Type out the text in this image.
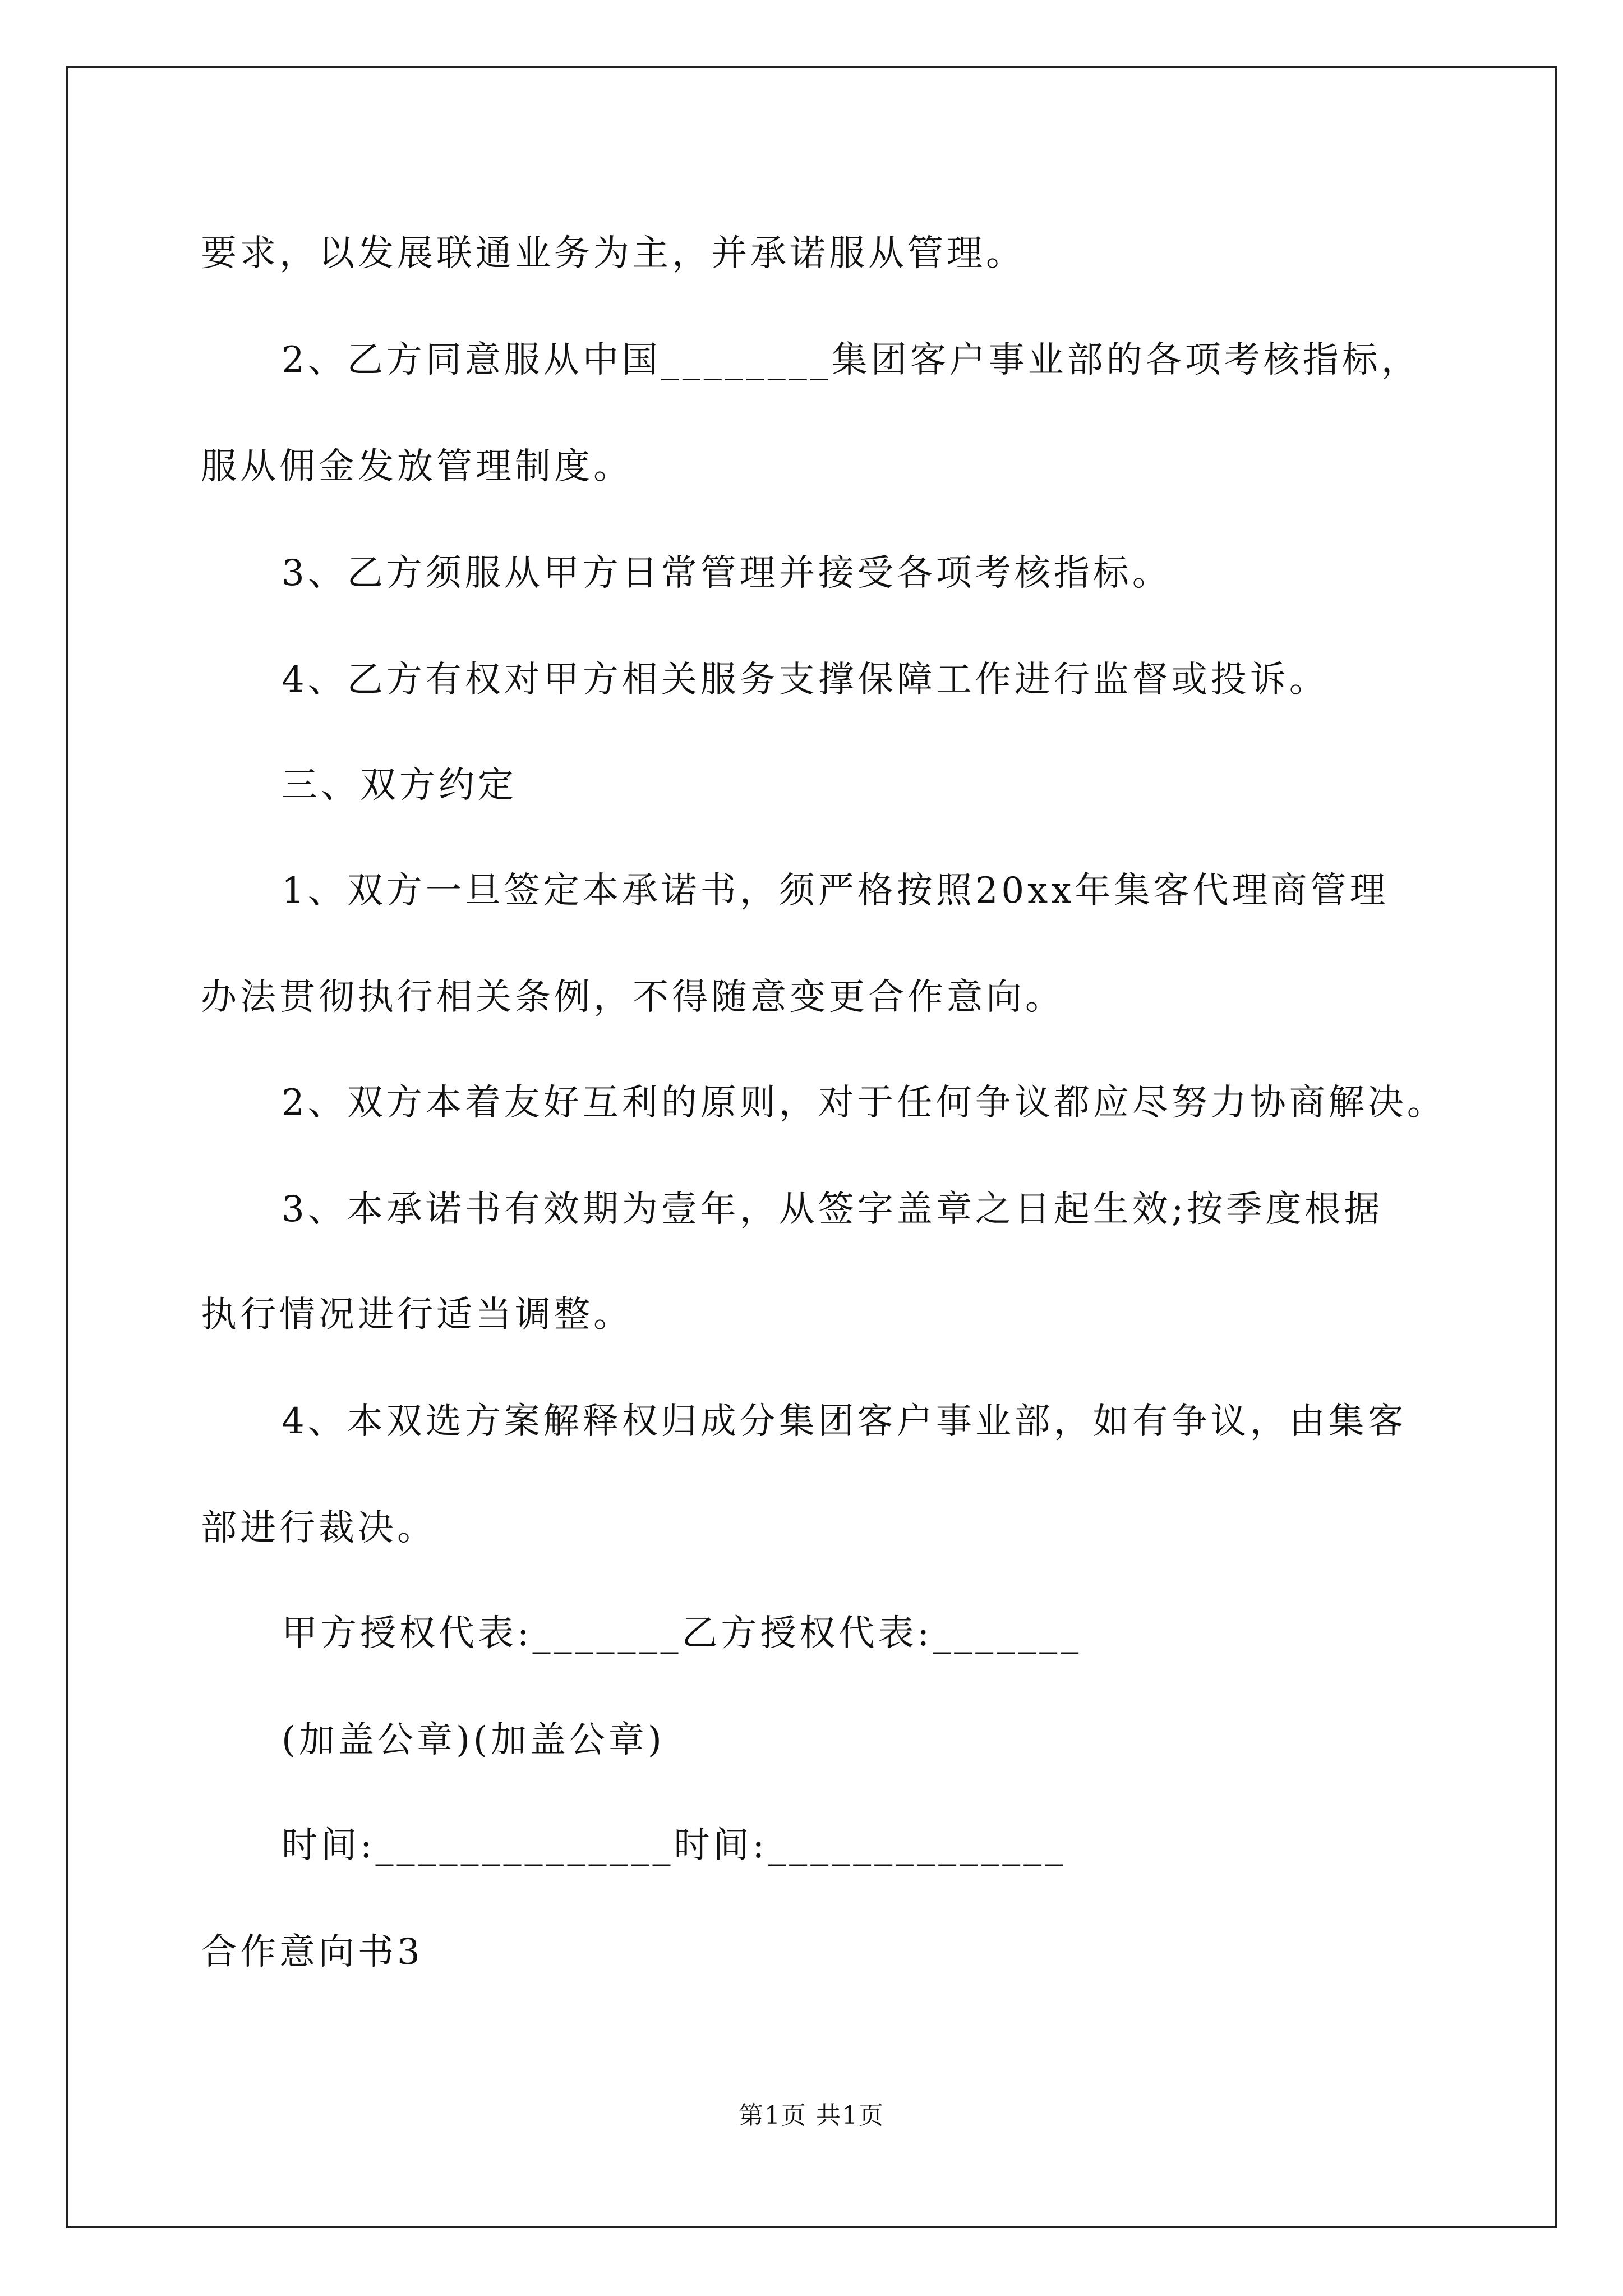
要求，以发展联通业务为主，并承诺服从管理。
2、乙方同意服从中国________集团客户事业部的各项考核指标，
服从佣金发放管理制度。
3、乙方须服从甲方日常管理并接受各项考核指标。
4、乙方有权对甲方相关服务支撑保障工作进行监督或投诉。
三、双方约定
1、双方一旦签定本承诺书，须严格按照20xx年集客代理商管理
办法贯彻执行相关条例，不得随意变更合作意向。
2、双方本着友好互利的原则，对于任何争议都应尽努力协商解决。
3、本承诺书有效期为壹年，从签字盖章之日起生效;按季度根据
执行情况进行适当调整。
4、本双选方案解释权归成分集团客户事业部，如有争议，由集客
部进行裁决。
甲方授权代表:_______乙方授权代表:_______
(加盖公章)(加盖公章)
时间:______________时间:______________
合作意向书3
第1页 共1页
